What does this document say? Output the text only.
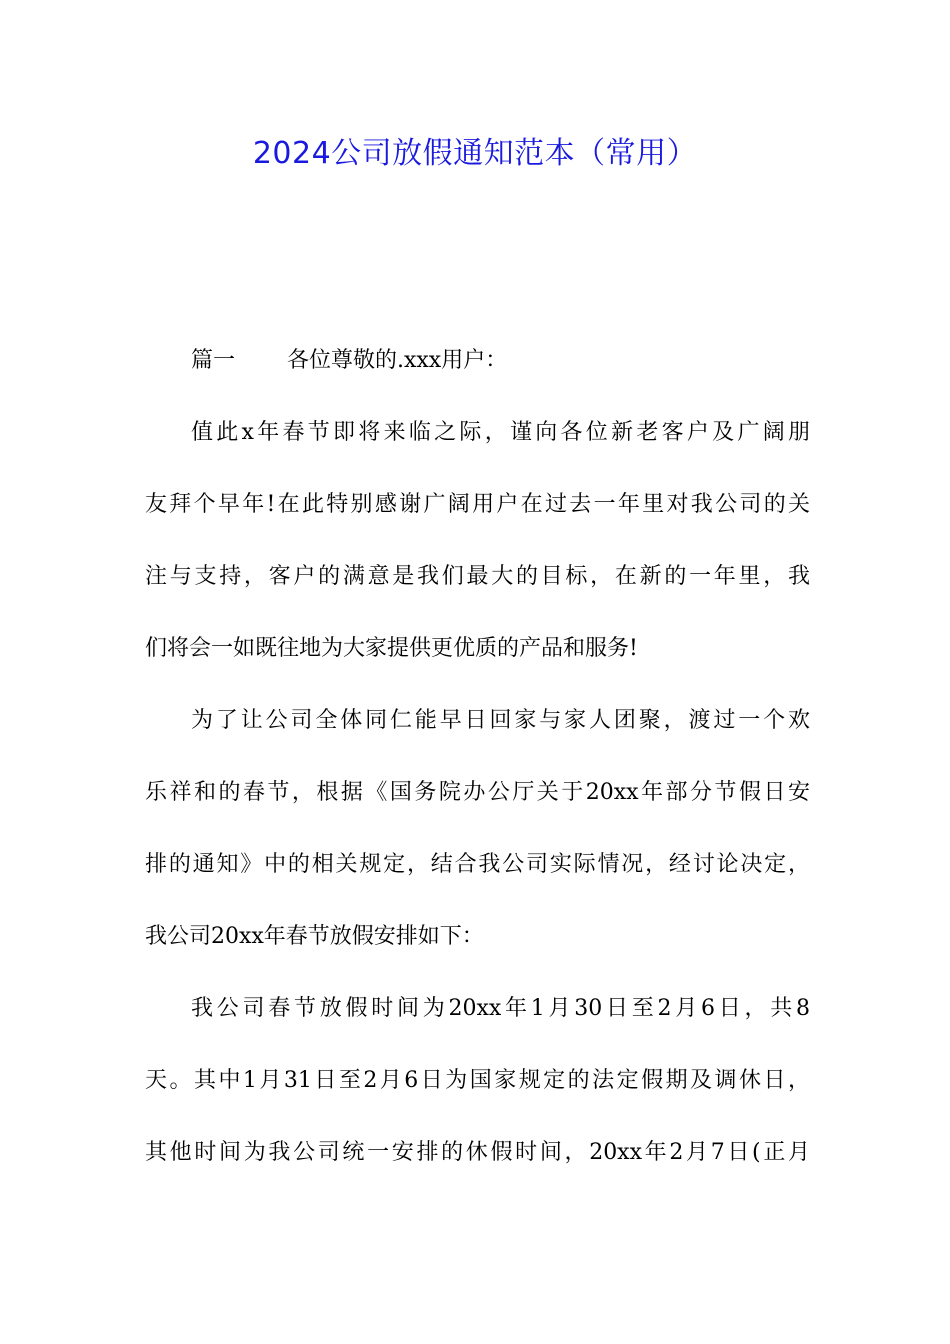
2024公司放假通知范本（常用）
篇一 各位尊敬的.xxx用户：
值此x年春节即将来临之际，谨向各位新老客户及广阔朋
友拜个早年!在此特别感谢广阔用户在过去一年里对我公司的关
注与支持，客户的满意是我们最大的目标，在新的一年里，我
们将会一如既往地为大家提供更优质的产品和服务!
为了让公司全体同仁能早日回家与家人团聚，渡过一个欢
乐祥和的春节，根据《国务院办公厅关于20xx年部分节假日安
排的通知》中的相关规定，结合我公司实际情况，经讨论决定，
我公司20xx年春节放假安排如下：
我公司春节放假时间为20xx年1月30日至2月6日，共8
天。其中1月31日至2月6日为国家规定的法定假期及调休日，
其他时间为我公司统一安排的休假时间，20xx年2月7日(正月
